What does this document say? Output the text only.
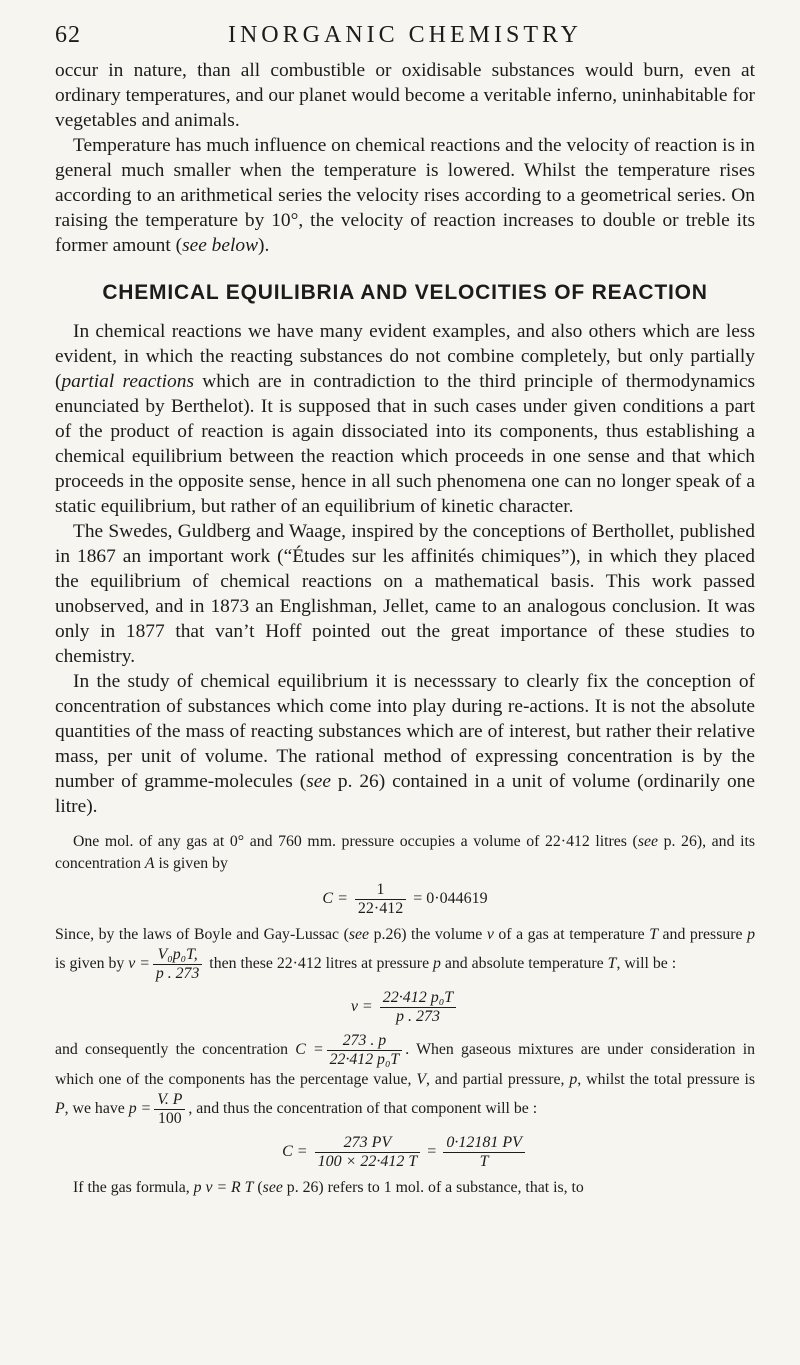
62	INORGANIC CHEMISTRY

occur in nature, than all combustible or oxidisable substances would burn, even at ordinary temperatures, and our planet would become a veritable inferno, uninhabitable for vegetables and animals.

Temperature has much influence on chemical reactions and the velocity of reaction is in general much smaller when the temperature is lowered. Whilst the temperature rises according to an arithmetical series the velocity rises according to a geometrical series. On raising the temperature by 10°, the velocity of reaction increases to double or treble its former amount (see below).

CHEMICAL EQUILIBRIA AND VELOCITIES OF REACTION

In chemical reactions we have many evident examples, and also others which are less evident, in which the reacting substances do not combine completely, but only partially (partial reactions which are in contradiction to the third principle of thermodynamics enunciated by Berthelot). It is supposed that in such cases under given conditions a part of the product of reaction is again dissociated into its components, thus establishing a chemical equilibrium between the reaction which proceeds in one sense and that which proceeds in the opposite sense, hence in all such phenomena one can no longer speak of a static equilibrium, but rather of an equilibrium of kinetic character.

The Swedes, Guldberg and Waage, inspired by the conceptions of Berthollet, published in 1867 an important work (“Études sur les affinités chimiques”), in which they placed the equilibrium of chemical reactions on a mathematical basis. This work passed unobserved, and in 1873 an Englishman, Jellet, came to an analogous conclusion. It was only in 1877 that van’t Hoff pointed out the great importance of these studies to chemistry.

In the study of chemical equilibrium it is necesssary to clearly fix the conception of concentration of substances which come into play during re-actions. It is not the absolute quantities of the mass of reacting substances which are of interest, but rather their relative mass, per unit of volume. The rational method of expressing concentration is by the number of gramme-molecules (see p. 26) contained in a unit of volume (ordinarily one litre).

One mol. of any gas at 0° and 760 mm. pressure occupies a volume of 22·412 litres (see p. 26), and its concentration A is given by

$C = \frac{1}{22\cdot 412} = 0\cdot 044619$

Since, by the laws of Boyle and Gay-Lussac (see p.26) the volume v of a gas at temperature T and pressure p is given by $v = \frac{\text{V₀p₀T,}}{p . 273}$ then these 22·412 litres at pressure p and absolute temperature T, will be :

$v = \frac{\text{22·412 p₀T}}{p . 273}$

and consequently the concentration $C = \frac{273 . p}{\text{22·412 p₀T}}$ . When gaseous mixtures are under consideration in which one of the components has the percentage value, V, and partial pressure, p, whilst the total pressure is P, we have $p = \frac{V. P}{100}$ , and thus the concentration of that component will be :

$C = \frac{273 PV}{100 \times 22\cdot 412 T} = \frac{0\cdot 12181 PV}{T}$

If the gas formula, p v = R T (see p. 26) refers to 1 mol. of a substance, that is, to
